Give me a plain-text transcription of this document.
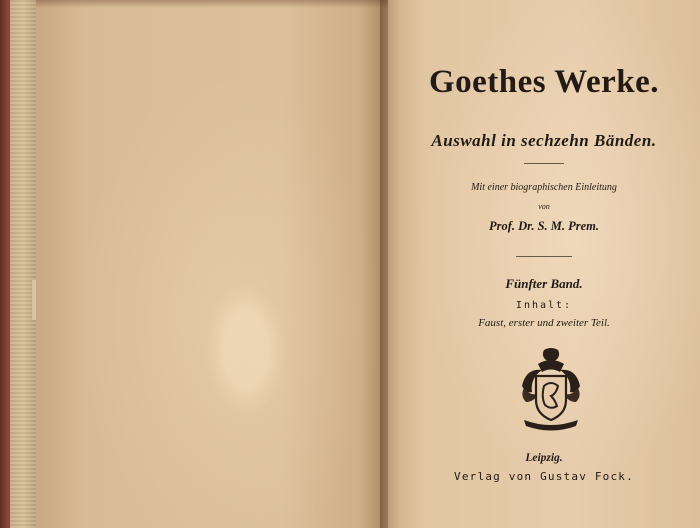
Goethes Werke.
Auswahl in sechzehn Bänden.
Mit einer biographischen Einleitung
von
Prof. Dr. S. M. Prem.
Fünfter Band.
Inhalt:
Faust, erster und zweiter Teil.
Leipzig.
Verlag von Gustav Fock.
